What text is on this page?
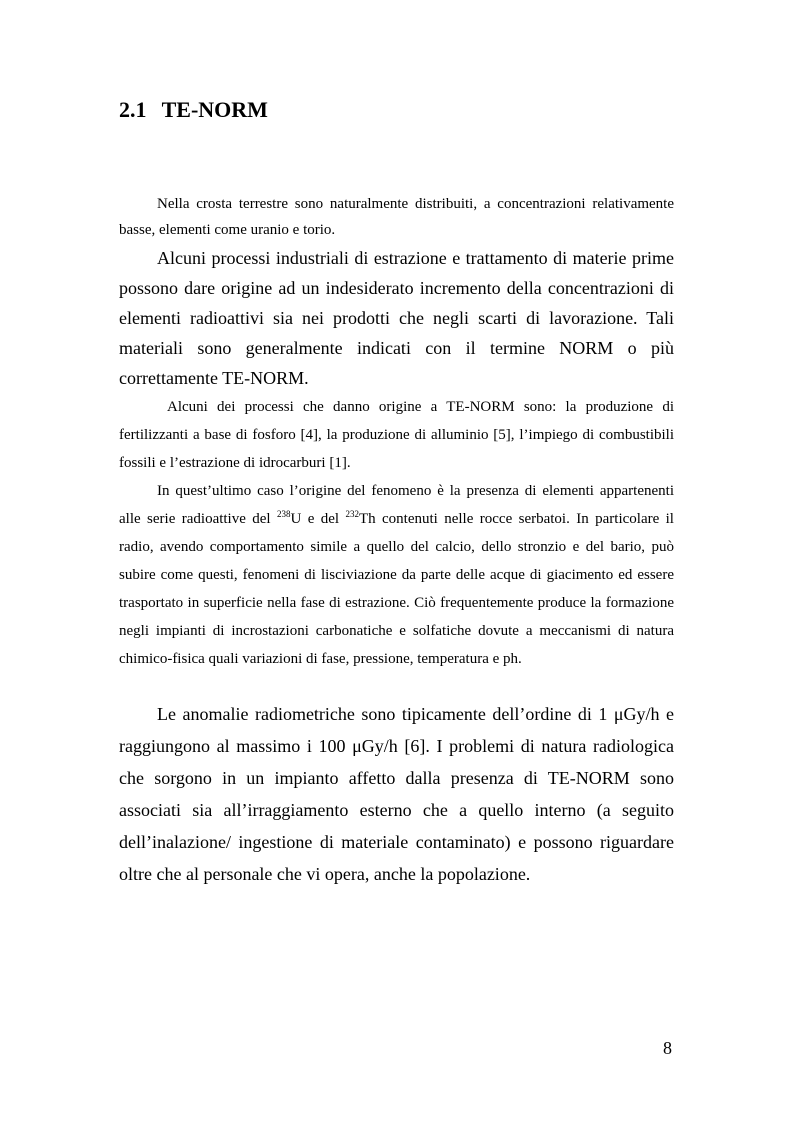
2.1 TE-NORM

Nella crosta terrestre sono naturalmente distribuiti, a concentrazioni relativamente basse, elementi come uranio e torio.

Alcuni processi industriali di estrazione e trattamento di materie prime possono dare origine ad un indesiderato incremento della concentrazioni di elementi radioattivi sia nei prodotti che negli scarti di lavorazione. Tali materiali sono generalmente indicati con il termine NORM o più correttamente TE-NORM.

Alcuni dei processi che danno origine a TE-NORM sono: la produzione di fertilizzanti a base di fosforo [4], la produzione di alluminio [5], l’impiego di combustibili fossili e l’estrazione di idrocarburi [1].

In quest’ultimo caso l’origine del fenomeno è la presenza di elementi appartenenti alle serie radioattive del $^{238}$U e del $^{232}$Th contenuti nelle rocce serbatoi. In particolare il radio, avendo comportamento simile a quello del calcio, dello stronzio e del bario, può subire come questi, fenomeni di lisciviazione da parte delle acque di giacimento ed essere trasportato in superficie nella fase di estrazione. Ciò frequentemente produce la formazione negli impianti di incrostazioni carbonatiche e solfatiche dovute a meccanismi di natura chimico-fisica quali variazioni di fase, pressione, temperatura e ph.

Le anomalie radiometriche sono tipicamente dell’ordine di 1 μGy/h e raggiungono al massimo i 100 μGy/h [6]. I problemi di natura radiologica che sorgono in un impianto affetto dalla presenza di TE-NORM sono associati sia all’irraggiamento esterno che a quello interno (a seguito dell’inalazione/ ingestione di materiale contaminato) e possono riguardare oltre che al personale che vi opera, anche la popolazione.

8
